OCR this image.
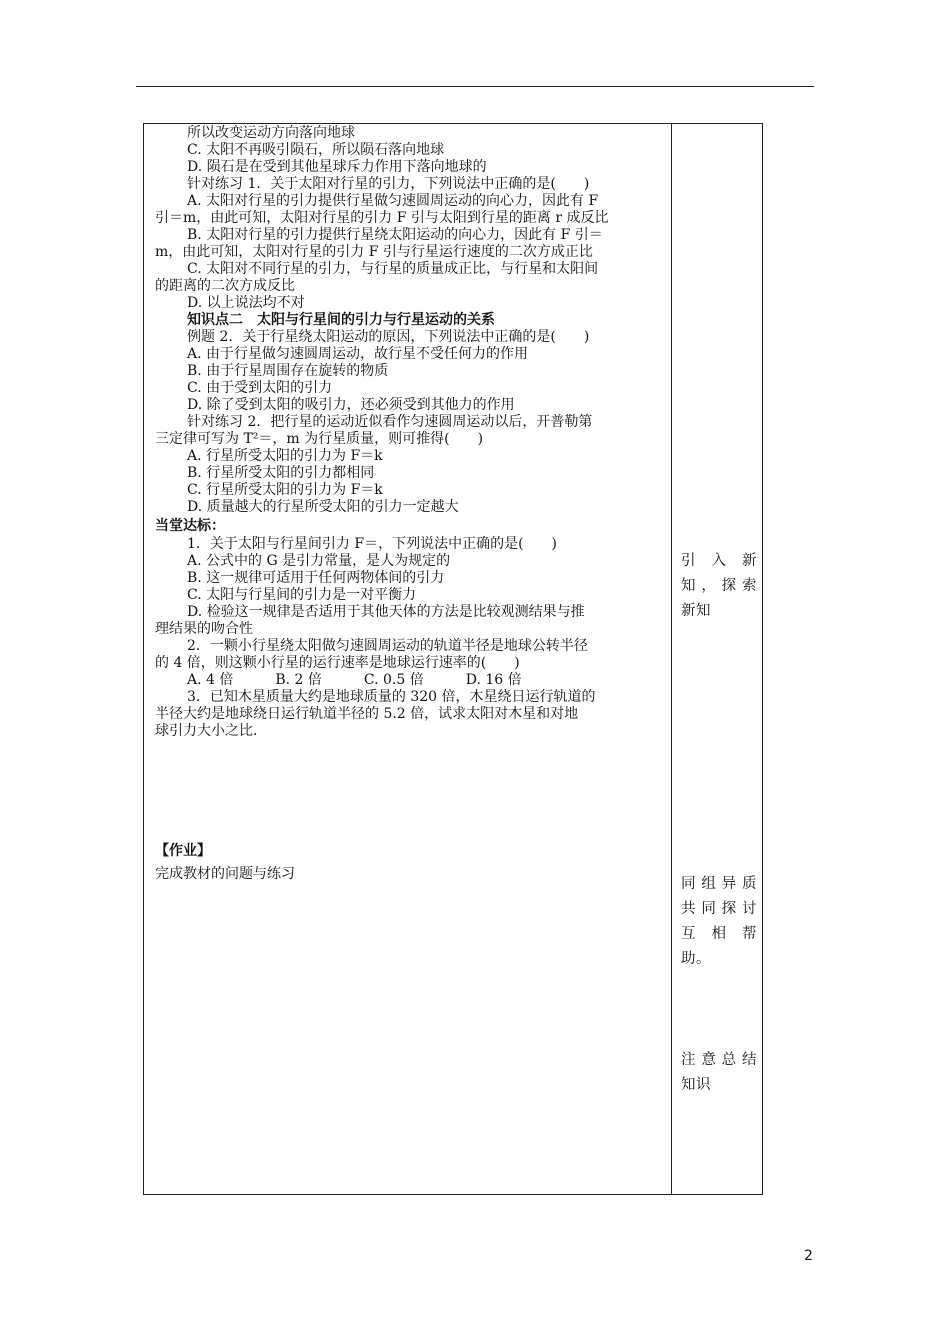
所以改变运动方向落向地球
C. 太阳不再吸引陨石，所以陨石落向地球
D. 陨石是在受到其他星球斥力作用下落向地球的
针对练习 1．关于太阳对行星的引力，下列说法中正确的是(　　)
A. 太阳对行星的引力提供行星做匀速圆周运动的向心力，因此有 F
引＝m，由此可知，太阳对行星的引力 F 引与太阳到行星的距离 r 成反比
B. 太阳对行星的引力提供行星绕太阳运动的向心力，因此有 F 引＝
m，由此可知，太阳对行星的引力 F 引与行星运行速度的二次方成正比
C. 太阳对不同行星的引力，与行星的质量成正比，与行星和太阳间
的距离的二次方成反比
D. 以上说法均不对
知识点二　太阳与行星间的引力与行星运动的关系
例题 2．关于行星绕太阳运动的原因，下列说法中正确的是(　　)
A. 由于行星做匀速圆周运动，故行星不受任何力的作用
B. 由于行星周围存在旋转的物质
C. 由于受到太阳的引力
D. 除了受到太阳的吸引力，还必须受到其他力的作用
针对练习 2．把行星的运动近似看作匀速圆周运动以后，开普勒第
三定律可写为 T²＝，m 为行星质量，则可推得(　　)
A. 行星所受太阳的引力为 F＝k
B. 行星所受太阳的引力都相同
C. 行星所受太阳的引力为 F＝k
D. 质量越大的行星所受太阳的引力一定越大
当堂达标：
1．关于太阳与行星间引力 F＝，下列说法中正确的是(　　)
A. 公式中的 G 是引力常量，是人为规定的
B. 这一规律可适用于任何两物体间的引力
C. 太阳与行星间的引力是一对平衡力
D. 检验这一规律是否适用于其他天体的方法是比较观测结果与推
理结果的吻合性
2．一颗小行星绕太阳做匀速圆周运动的轨道半径是地球公转半径
的 4 倍，则这颗小行星的运行速率是地球运行速率的(　　)
A. 4 倍　　　B. 2 倍　　　C. 0.5 倍　　　D. 16 倍
3．已知木星质量大约是地球质量的 320 倍，木星绕日运行轨道的
半径大约是地球绕日运行轨道半径的 5.2 倍，试求太阳对木星和对地
球引力大小之比．
【作业】
完成教材的问题与练习
引 入 新
知，探索
新知
同组异质
共同探讨
互 相 帮
助。
注意总结
知识
2
